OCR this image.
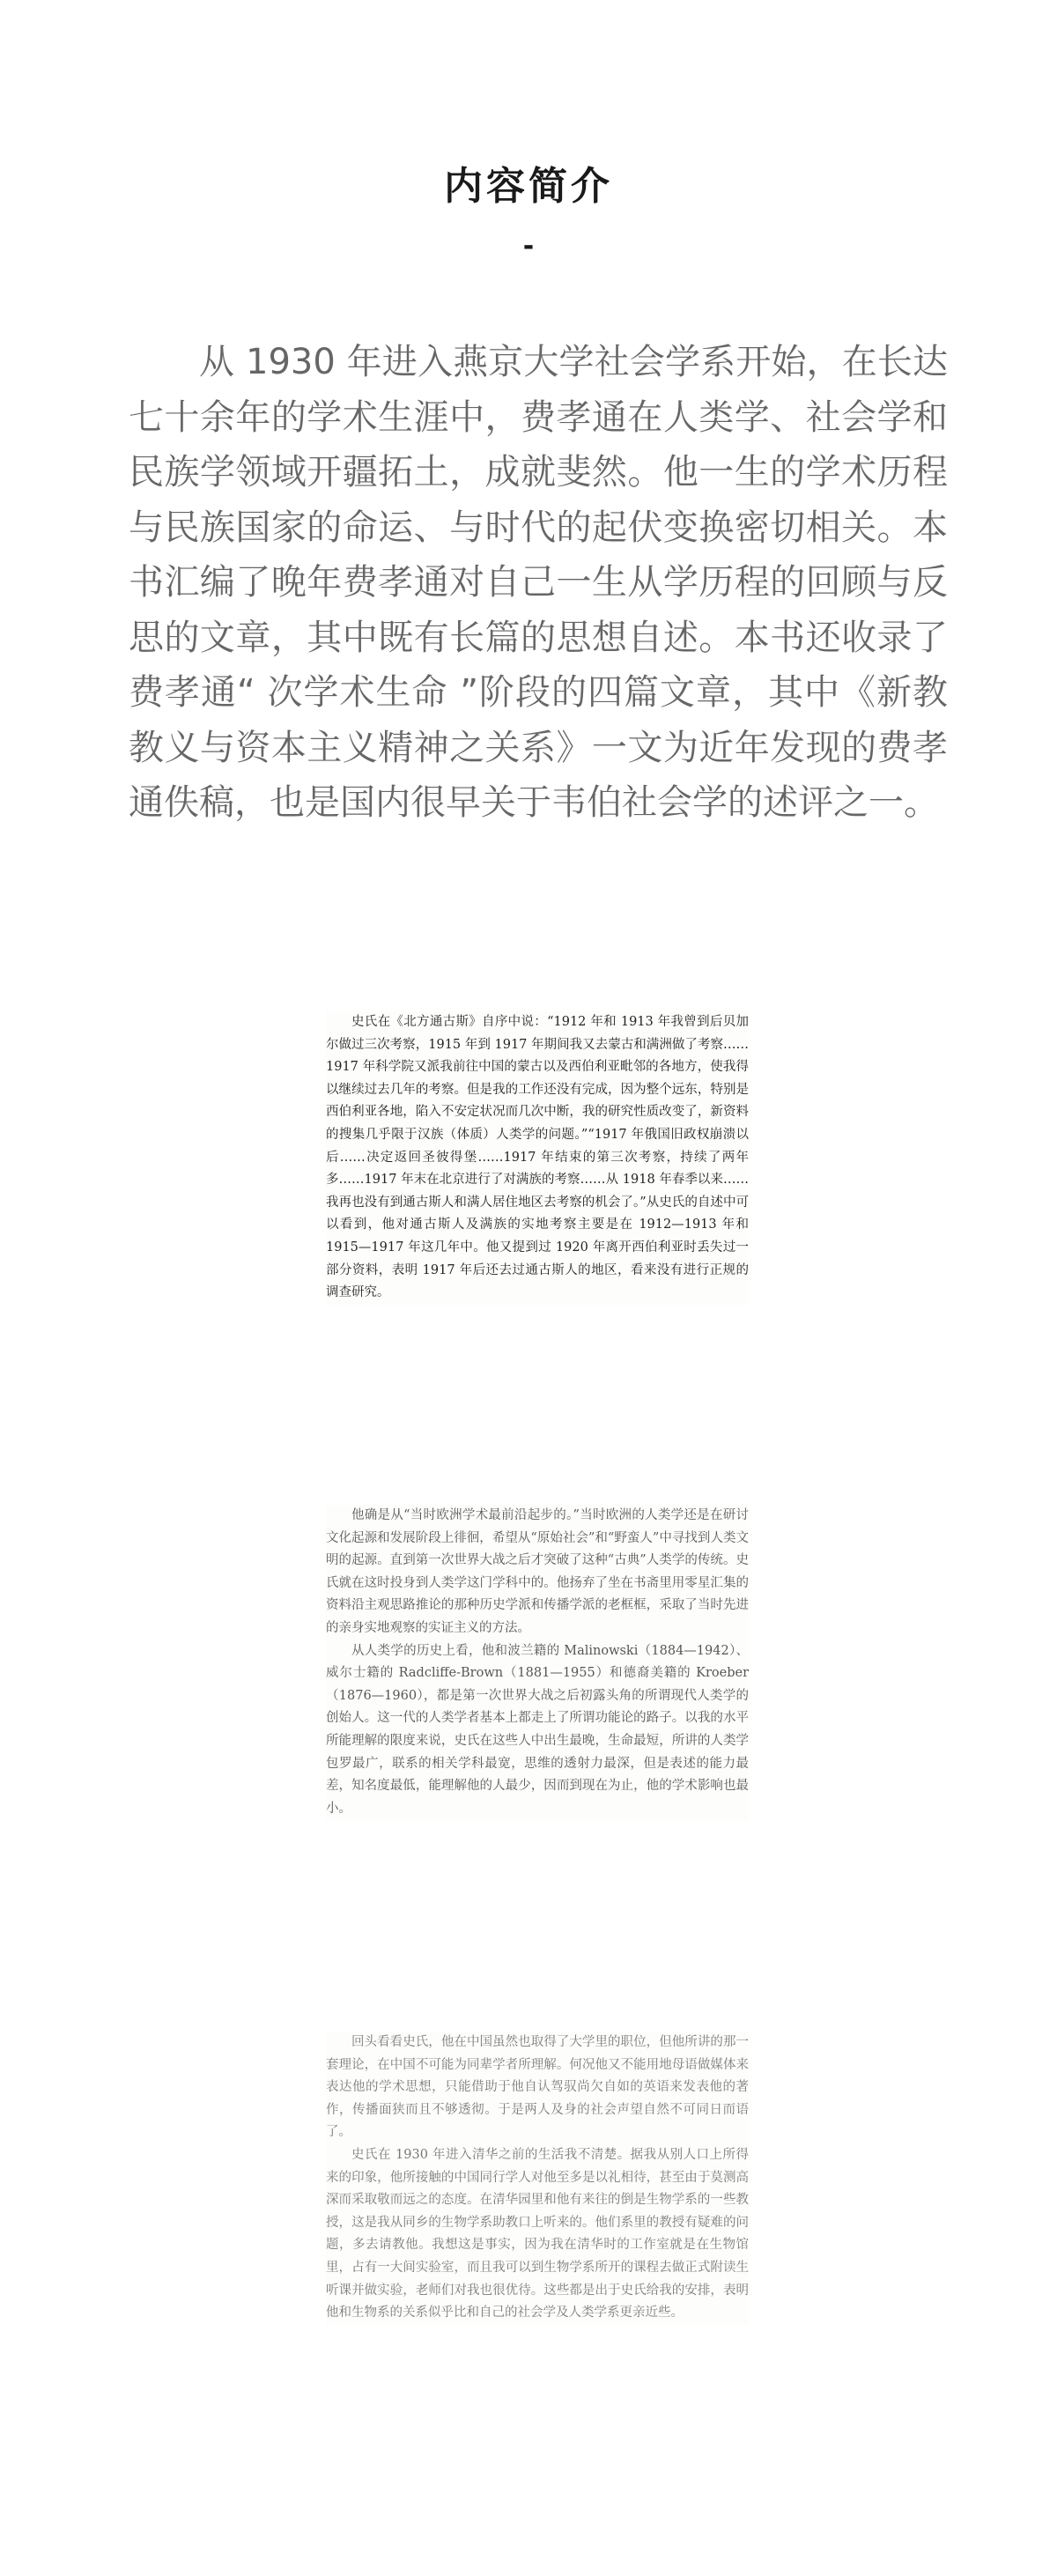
内容简介
-

从 1930 年进入燕京大学社会学系开始，在长达七十余年的学术生涯中，费孝通在人类学、社会学和民族学领域开疆拓土，成就斐然。他一生的学术历程与民族国家的命运、与时代的起伏变换密切相关。本书汇编了晚年费孝通对自己一生从学历程的回顾与反思的文章，其中既有长篇的思想自述。本书还收录了费孝通“ 次学术生命 ”阶段的四篇文章，其中《新教教义与资本主义精神之关系》一文为近年发现的费孝通佚稿，也是国内很早关于韦伯社会学的述评之一。

史氏在《北方通古斯》自序中说：“1912 年和 1913 年我曾到后贝加尔做过三次考察，1915 年到 1917 年期间我又去蒙古和满洲做了考察……1917 年科学院又派我前往中国的蒙古以及西伯利亚毗邻的各地方，使我得以继续过去几年的考察。但是我的工作还没有完成，因为整个远东，特别是西伯利亚各地，陷入不安定状况而几次中断，我的研究性质改变了，新资料的搜集几乎限于汉族（体质）人类学的问题。”“1917 年俄国旧政权崩溃以后……决定返回圣彼得堡……1917 年结束的第三次考察，持续了两年多……1917 年末在北京进行了对满族的考察……从 1918 年春季以来……我再也没有到通古斯人和满人居住地区去考察的机会了。”从史氏的自述中可以看到，他对通古斯人及满族的实地考察主要是在 1912—1913 年和 1915—1917 年这几年中。他又提到过 1920 年离开西伯利亚时丢失过一部分资料，表明 1917 年后还去过通古斯人的地区，看来没有进行正规的调查研究。

他确是从“当时欧洲学术最前沿起步的。”当时欧洲的人类学还是在研讨文化起源和发展阶段上徘徊，希望从“原始社会”和“野蛮人”中寻找到人类文明的起源。直到第一次世界大战之后才突破了这种“古典”人类学的传统。史氏就在这时投身到人类学这门学科中的。他扬弃了坐在书斋里用零星汇集的资料沿主观思路推论的那种历史学派和传播学派的老框框，采取了当时先进的亲身实地观察的实证主义的方法。

从人类学的历史上看，他和波兰籍的 Malinowski（1884—1942）、威尔士籍的 Radcliffe-Brown（1881—1955）和德裔美籍的 Kroeber（1876—1960），都是第一次世界大战之后初露头角的所谓现代人类学的创始人。这一代的人类学者基本上都走上了所谓功能论的路子。以我的水平所能理解的限度来说，史氏在这些人中出生最晚，生命最短，所讲的人类学包罗最广，联系的相关学科最宽，思维的透射力最深，但是表述的能力最差，知名度最低，能理解他的人最少，因而到现在为止，他的学术影响也最小。

回头看看史氏，他在中国虽然也取得了大学里的职位，但他所讲的那一套理论，在中国不可能为同辈学者所理解。何况他又不能用地母语做媒体来表达他的学术思想，只能借助于他自认驾驭尚欠自如的英语来发表他的著作，传播面狭而且不够透彻。于是两人及身的社会声望自然不可同日而语了。

史氏在 1930 年进入清华之前的生活我不清楚。据我从别人口上所得来的印象，他所接触的中国同行学人对他至多是以礼相待，甚至由于莫测高深而采取敬而远之的态度。在清华园里和他有来往的倒是生物学系的一些教授，这是我从同乡的生物学系助教口上听来的。他们系里的教授有疑难的问题，多去请教他。我想这是事实，因为我在清华时的工作室就是在生物馆里，占有一大间实验室，而且我可以到生物学系所开的课程去做正式附读生听课并做实验，老师们对我也很优待。这些都是出于史氏给我的安排，表明他和生物系的关系似乎比和自己的社会学及人类学系更亲近些。
